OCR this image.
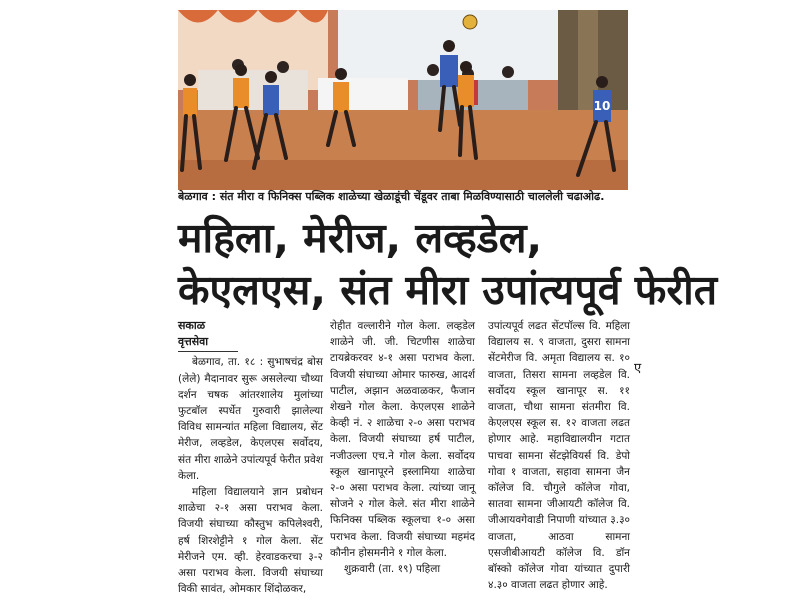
10
बेळगाव : संत मीरा व फिनिक्स पब्लिक शाळेच्या खेळाडूंची चेंडूवर ताबा मिळविण्यासाठी चाललेली चढाओढ.
महिला, मेरीज, लव्हडेल,
केएलएस, संत मीरा उपांत्यपूर्व फेरीत
सकाळ वृत्तसेवा

बेळगाव, ता. १८ : सुभाषचंद्र बोस (लेले) मैदानावर सुरू असलेल्या चौथ्या दर्शन चषक आंतरशालेय मुलांच्या फुटबॉल स्पर्धेत गुरुवारी झालेल्या विविध सामन्यांत महिला विद्यालय, सेंट मेरीज, लव्हडेल, केएलएस सर्वोदय, संत मीरा शाळेने उपांत्यपूर्व फेरीत प्रवेश केला.

महिला विद्यालयाने ज्ञान प्रबोधन शाळेचा २-१ असा पराभव केला. विजयी संघाच्या कौस्तुभ कपिलेश्वरी, हर्ष शिरशेट्टीने १ गोल केला. सेंट मेरीजने एम. व्ही. हेरवाडकरचा ३-२ असा पराभव केला. विजयी संघाच्या विकी सावंत, ओमकार शिंदोळकर,

रोहीत वल्लारीने गोल केला. लव्हडेल शाळेने जी. जी. चिटणीस शाळेचा टायब्रेकरवर ४-१ असा पराभव केला. विजयी संघाच्या ओमार फारुख, आदर्श पाटील, अझान अळवाळकर, फैजान शेखने गोल केला. केएलएस शाळेने केव्ही नं. २ शाळेचा २-० असा पराभव केला. विजयी संघाच्या हर्ष पाटील, नजीउल्ला एच.ने गोल केला. सर्वोदय स्कूल खानापूरने इस्लामिया शाळेचा २-० असा पराभव केला. त्यांच्या जानू सोजने २ गोल केले. संत मीरा शाळेने फिनिक्स पब्लिक स्कूलचा १-० असा पराभव केला. विजयी संघाच्या महमंद कौनीन होसमनीने १ गोल केला.

शुक्रवारी (ता. १९) पहिला

उपांत्यपूर्व लढत सेंटपॉल्स वि. महिला विद्यालय स. ९ वाजता, दुसरा सामना सेंटमेरीज वि. अमृता विद्यालय स. १० वाजता, तिसरा सामना लव्हडेल वि. सर्वोदय स्कूल खानापूर स. ११ वाजता, चौथा सामना संतमीरा वि. केएलएस स्कूल स. १२ वाजता लढत होणार आहे. महाविद्यालयीन गटात पाचवा सामना सेंटझेवियर्स वि. डेपो गोवा १ वाजता, सहावा सामना जैन कॉलेज वि. चौगुले कॉलेज गोवा, सातवा सामना जीआयटी कॉलेज वि. जीआयवगेवाडी निपाणी यांच्यात ३.३० वाजता, आठवा सामना एसजीबीआयटी कॉलेज वि. डॉन बॉस्को कॉलेज गोवा यांच्यात दुपारी ४.३० वाजता लढत होणार आहे.

ए
